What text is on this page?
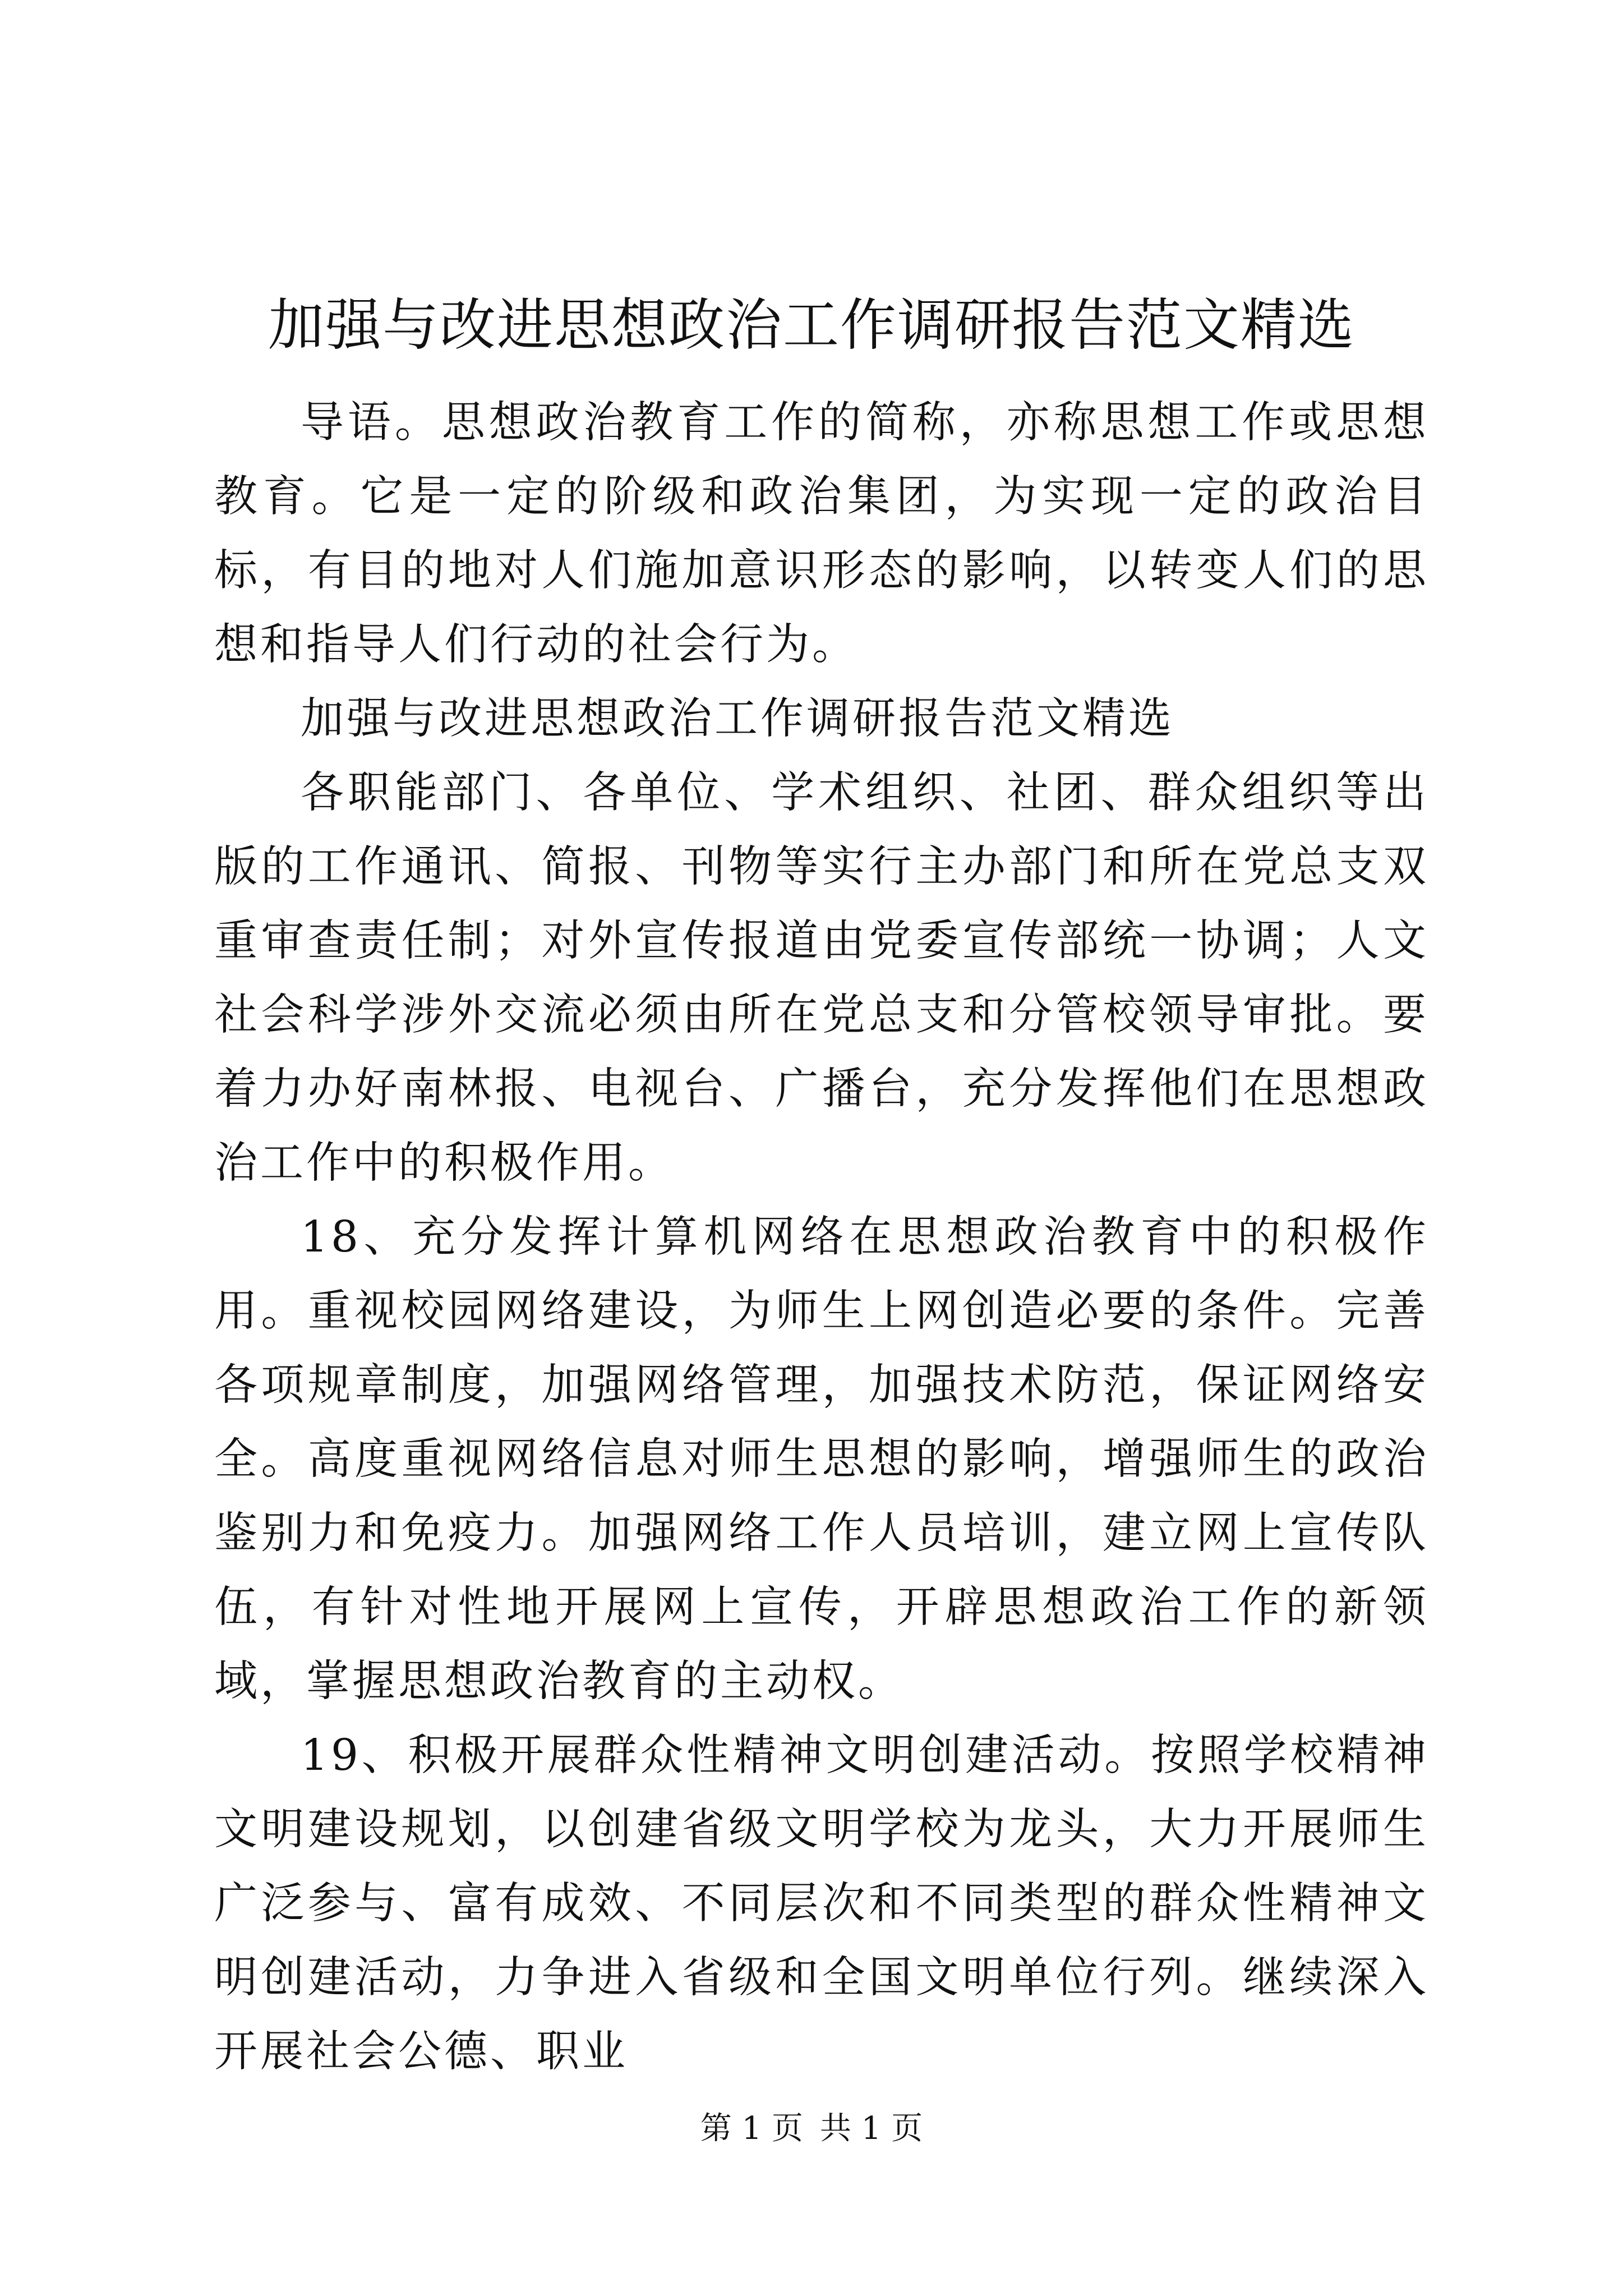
加强与改进思想政治工作调研报告范文精选

导语。思想政治教育工作的简称，亦称思想工作或思想教育。它是一定的阶级和政治集团，为实现一定的政治目标，有目的地对人们施加意识形态的影响，以转变人们的思想和指导人们行动的社会行为。

加强与改进思想政治工作调研报告范文精选

各职能部门、各单位、学术组织、社团、群众组织等出版的工作通讯、简报、刊物等实行主办部门和所在党总支双重审查责任制；对外宣传报道由党委宣传部统一协调；人文社会科学涉外交流必须由所在党总支和分管校领导审批。要着力办好南林报、电视台、广播台，充分发挥他们在思想政治工作中的积极作用。

18、充分发挥计算机网络在思想政治教育中的积极作用。重视校园网络建设，为师生上网创造必要的条件。完善各项规章制度，加强网络管理，加强技术防范，保证网络安全。高度重视网络信息对师生思想的影响，增强师生的政治鉴别力和免疫力。加强网络工作人员培训，建立网上宣传队伍，有针对性地开展网上宣传，开辟思想政治工作的新领域，掌握思想政治教育的主动权。

19、积极开展群众性精神文明创建活动。按照学校精神文明建设规划，以创建省级文明学校为龙头，大力开展师生广泛参与、富有成效、不同层次和不同类型的群众性精神文明创建活动，力争进入省级和全国文明单位行列。继续深入开展社会公德、职业

第 1 页 共 1 页
